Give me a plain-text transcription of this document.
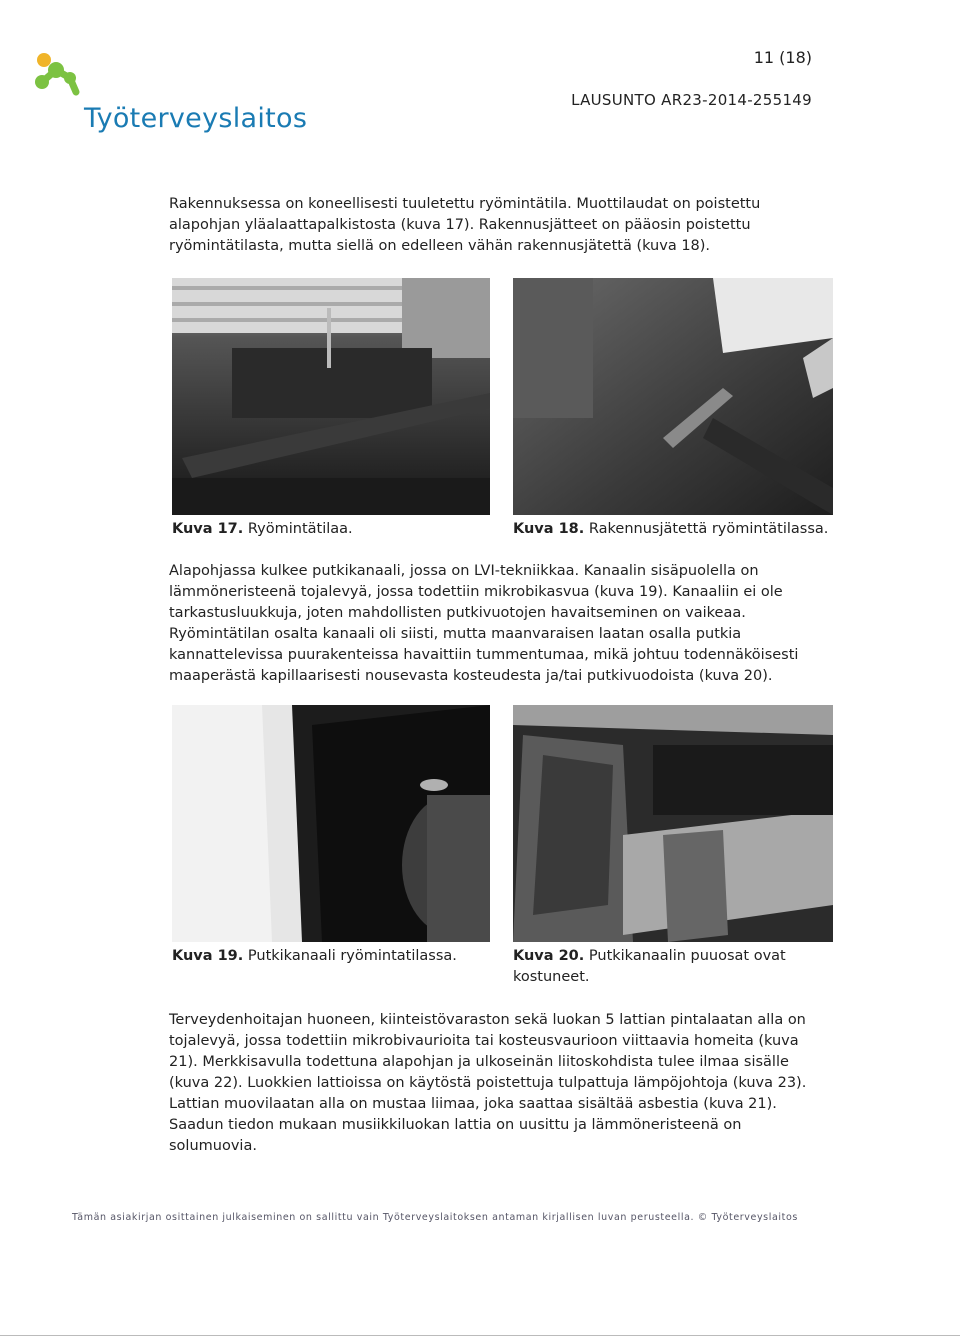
Työterveyslaitos
11 (18)
LAUSUNTO AR23-2014-255149

Rakennuksessa on koneellisesti tuuletettu ryömintätila. Muottilaudat on poistettu

alapohjan yläalaattapalkistosta (kuva 17). Rakennusjätteet on pääosin poistettu

ryömintätilasta, mutta siellä on edelleen vähän rakennusjätettä (kuva 18).

Kuva 17. Ryömintätilaa.	Kuva 18. Rakennusjätettä ryömintätilassa.

Alapohjassa kulkee putkikanaali, jossa on LVI-tekniikkaa. Kanaalin sisäpuolella on

lämmöneristeenä tojalevyä, jossa todettiin mikrobikasvua (kuva 19). Kanaaliin ei ole

tarkastusluukkuja, joten mahdollisten putkivuotojen havaitseminen on vaikeaa.

Ryömintätilan osalta kanaali oli siisti, mutta maanvaraisen laatan osalla putkia

kannattelevissa puurakenteissa havaittiin tummentumaa, mikä johtuu todennäköisesti

maaperästä kapillaarisesti nousevasta kosteudesta ja/tai putkivuodoista (kuva 20).

Kuva 19. Putkikanaali ryömintatilassa.	Kuva 20. Putkikanaalin puuosat ovat
kostuneet.

Terveydenhoitajan huoneen, kiinteistövaraston sekä luokan 5 lattian pintalaatan alla on

tojalevyä, jossa todettiin mikrobivaurioita tai kosteusvaurioon viittaavia homeita (kuva

21). Merkkisavulla todettuna alapohjan ja ulkoseinän liitoskohdista tulee ilmaa sisälle

(kuva 22). Luokkien lattioissa on käytöstä poistettuja tulpattuja lämpöjohtoja (kuva 23).

Lattian muovilaatan alla on mustaa liimaa, joka saattaa sisältää asbestia (kuva 21).

Saadun tiedon mukaan musiikkiluokan lattia on uusittu ja lämmöneristeenä on

solumuovia.

Tämän asiakirjan osittainen julkaiseminen on sallittu vain Työterveyslaitoksen antaman kirjallisen luvan perusteella. © Työterveyslaitos
